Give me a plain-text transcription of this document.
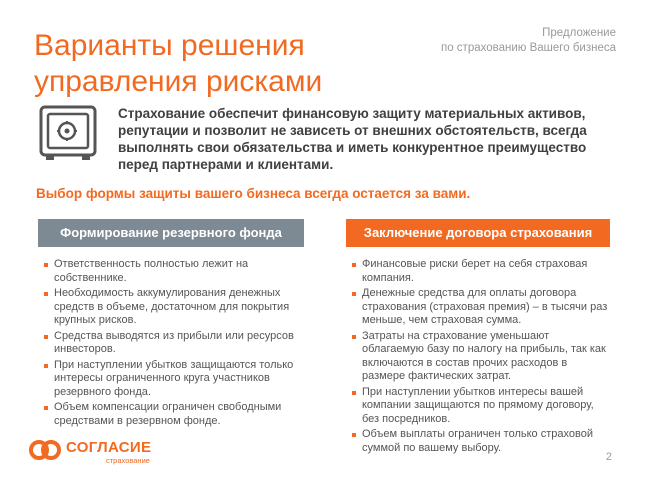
Варианты решения управления рисками
Предложение
по страхованию Вашего бизнеса
Страхование обеспечит финансовую защиту материальных активов, репутации и позволит не зависеть от внешних обстоятельств, всегда выполнять свои обязательства и иметь конкурентное преимущество перед партнерами и клиентами.
Выбор формы защиты вашего бизнеса всегда остается за вами.
Формирование резервного фонда	Заключение договора страхования
Ответственность полностью лежит на собственнике.
Необходимость аккумулирования денежных средств в объеме, достаточном для покрытия крупных рисков.
Средства выводятся из прибыли или ресурсов инвесторов.
При наступлении убытков защищаются только интересы ограниченного круга участников резервного фонда.
Объем компенсации ограничен свободными средствами в резервном фонде.
Финансовые риски берет на себя страховая компания.
Денежные средства для оплаты договора страхования (страховая премия) – в тысячи раз меньше, чем страховая сумма.
Затраты на страхование уменьшают облагаемую базу по налогу на прибыль, так как включаются в состав прочих расходов в размере фактических затрат.
При наступлении убытков интересы вашей компании защищаются по прямому договору, без посредников.
Объем выплаты ограничен только страховой суммой по вашему выбору.
СОГЛАСИЕ
страхование	2
